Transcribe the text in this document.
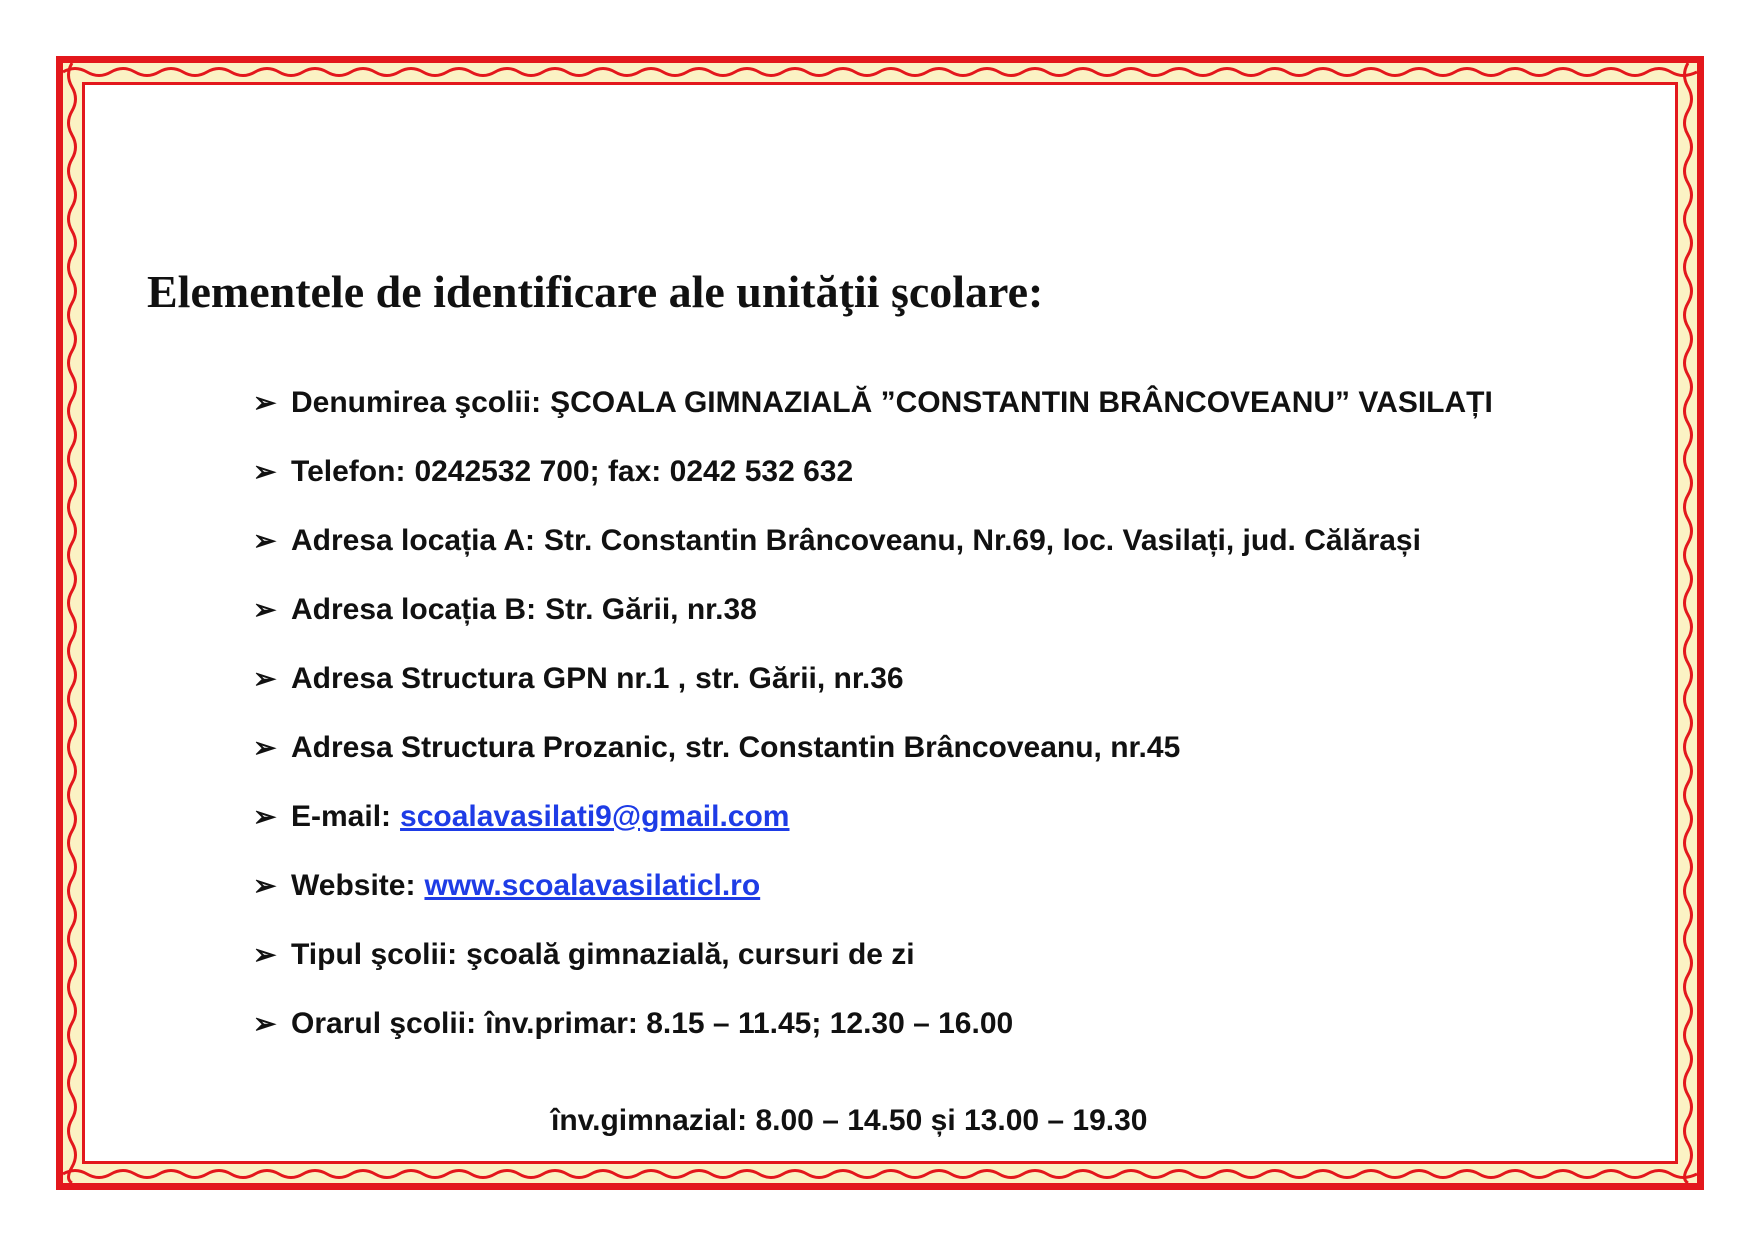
Elementele de identificare ale unităţii şcolare:
➢ Denumirea şcolii: ŞCOALA GIMNAZIALĂ ”CONSTANTIN BRÂNCOVEANU” VASILAȚI
➢ Telefon: 0242532 700; fax: 0242 532 632
➢ Adresa locația A: Str. Constantin Brâncoveanu, Nr.69, loc. Vasilați, jud. Călărași
➢ Adresa locația B: Str. Gării, nr.38
➢ Adresa Structura GPN nr.1 , str. Gării, nr.36
➢ Adresa Structura Prozanic, str. Constantin Brâncoveanu, nr.45
➢ E-mail: scoalavasilati9@gmail.com
➢ Website: www.scoalavasilaticl.ro
➢ Tipul şcolii: şcoală gimnazială, cursuri de zi
➢ Orarul şcolii: înv.primar: 8.15 – 11.45; 12.30 – 16.00
înv.gimnazial: 8.00 – 14.50 și 13.00 – 19.30
